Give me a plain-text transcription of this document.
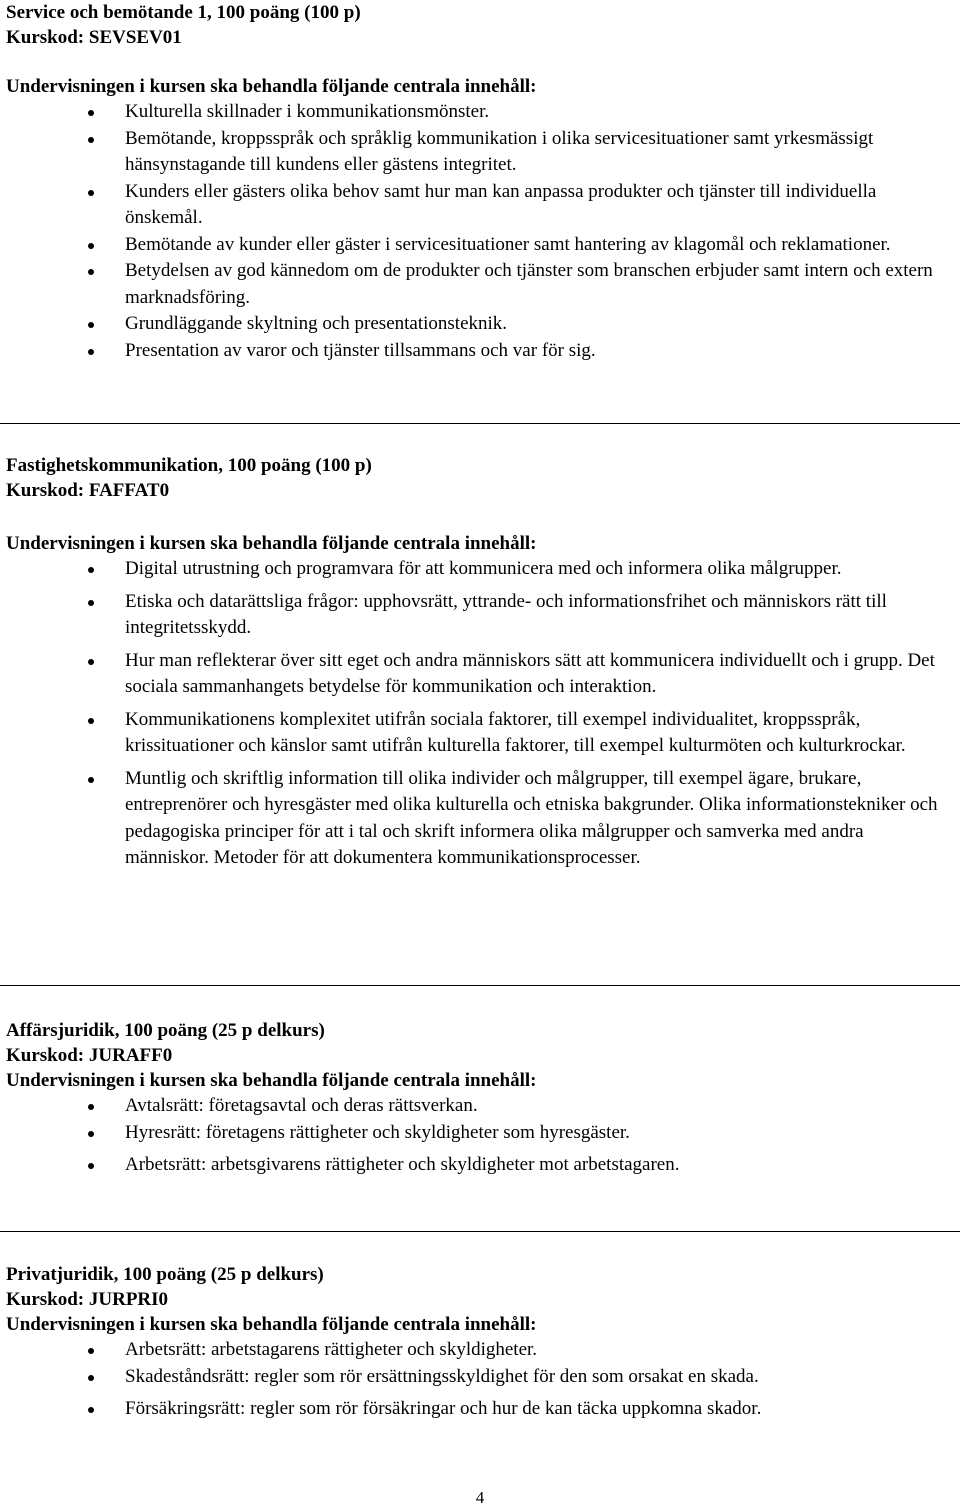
Service och bemötande 1, 100 poäng (100 p)
Kurskod: SEVSEV01
Undervisningen i kursen ska behandla följande centrala innehåll:
Kulturella skillnader i kommunikationsmönster.
Bemötande, kroppsspråk och språklig kommunikation i olika servicesituationer samt yrkesmässigt hänsynstagande till kundens eller gästens integritet.
Kunders eller gästers olika behov samt hur man kan anpassa produkter och tjänster till individuella önskemål.
Bemötande av kunder eller gäster i servicesituationer samt hantering av klagomål och reklamationer.
Betydelsen av god kännedom om de produkter och tjänster som branschen erbjuder samt intern och extern marknadsföring.
Grundläggande skyltning och presentationsteknik.
Presentation av varor och tjänster tillsammans och var för sig.
Fastighetskommunikation, 100 poäng (100 p)
Kurskod: FAFFAT0
Undervisningen i kursen ska behandla följande centrala innehåll:
Digital utrustning och programvara för att kommunicera med och informera olika målgrupper.
Etiska och datarättsliga frågor: upphovsrätt, yttrande- och informationsfrihet och människors rätt till integritetsskydd.
Hur man reflekterar över sitt eget och andra människors sätt att kommunicera individuellt och i grupp. Det sociala sammanhangets betydelse för kommunikation och interaktion.
Kommunikationens komplexitet utifrån sociala faktorer, till exempel individualitet, kroppsspråk, krissituationer och känslor samt utifrån kulturella faktorer, till exempel kulturmöten och kulturkrockar.
Muntlig och skriftlig information till olika individer och målgrupper, till exempel ägare, brukare, entreprenörer och hyresgäster med olika kulturella och etniska bakgrunder. Olika informationstekniker och pedagogiska principer för att i tal och skrift informera olika målgrupper och samverka med andra människor. Metoder för att dokumentera kommunikationsprocesser.
Affärsjuridik, 100 poäng (25 p delkurs)
Kurskod: JURAFF0
Undervisningen i kursen ska behandla följande centrala innehåll:
Avtalsrätt: företagsavtal och deras rättsverkan.
Hyresrätt: företagens rättigheter och skyldigheter som hyresgäster.
Arbetsrätt: arbetsgivarens rättigheter och skyldigheter mot arbetstagaren.
Privatjuridik, 100 poäng (25 p delkurs)
Kurskod: JURPRI0
Undervisningen i kursen ska behandla följande centrala innehåll:
Arbetsrätt: arbetstagarens rättigheter och skyldigheter.
Skadeståndsrätt: regler som rör ersättningsskyldighet för den som orsakat en skada.
Försäkringsrätt: regler som rör försäkringar och hur de kan täcka uppkomna skador.
4
